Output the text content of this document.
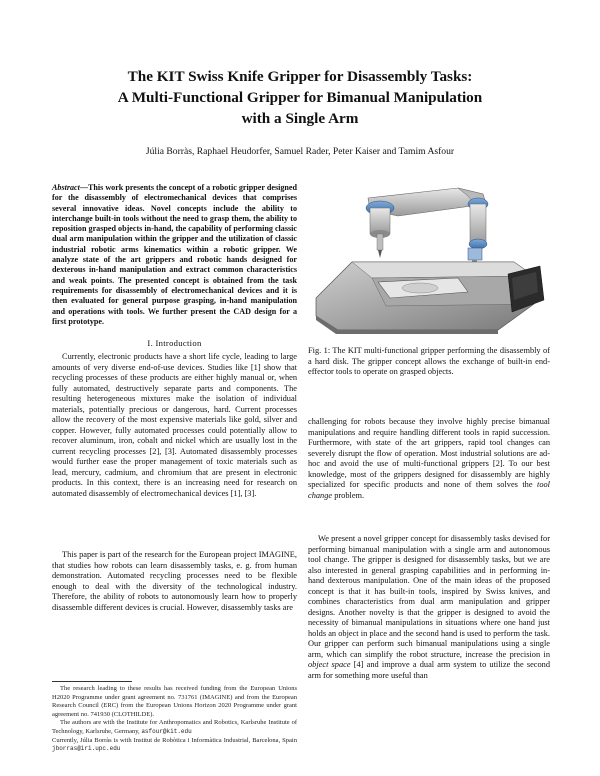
The KIT Swiss Knife Gripper for Disassembly Tasks:
A Multi-Functional Gripper for Bimanual Manipulation
with a Single Arm
Júlia Borràs, Raphael Heudorfer, Samuel Rader, Peter Kaiser and Tamim Asfour
Abstract—This work presents the concept of a robotic gripper designed for the disassembly of electromechanical devices that comprises several innovative ideas. Novel concepts include the ability to interchange built-in tools without the need to grasp them, the ability to reposition grasped objects in-hand, the capability of performing classic dual arm manipulation within the gripper and the utilization of classic industrial robotic arms kinematics within a robotic gripper. We analyze state of the art grippers and robotic hands designed for dexterous in-hand manipulation and extract common characteristics and weak points. The presented concept is obtained from the task requirements for disassembly of electromechanical devices and it is then evaluated for general purpose grasping, in-hand manipulation and operations with tools. We further present the CAD design for a first prototype.
I. Introduction

Currently, electronic products have a short life cycle, leading to large amounts of very diverse end-of-use devices. Studies like [1] show that recycling processes of these products are either highly manual or, when fully automated, destructively separate parts and components. The resulting heterogeneous mixtures make the isolation of individual materials, potentially precious or dangerous, hard. Current processes allow the recovery of the most expensive materials like gold, silver and copper. However, fully automated processes could potentially allow to recover aluminum, iron, cobalt and nickel which are usually lost in the current recycling processes [2], [3]. Automated disassembly processes would further ease the proper management of toxic materials such as lead, mercury, cadmium, and chromium that are present in electronic products. In this context, there is an increasing need for research on automated disassembly of electromechanical devices [1], [3].

This paper is part of the research for the European project IMAGINE, that studies how robots can learn disassembly tasks, e. g. from human demonstration. Automated recycling processes need to be flexible enough to deal with the diversity of the technological industry. Therefore, the ability of robots to autonomously learn how to properly disassemble different devices is crucial. However, disassembly tasks are

The research leading to these results has received funding from the European Unions H2020 Programme under grant agreement no. 731761 (IMAGINE) and from the European Research Council (ERC) from the European Unions Horizon 2020 Programme under grant agreement no. 741930 (CLOTHILDE).

The authors are with the Institute for Anthropomatics and Robotics, Karlsruhe Institute of Technology, Karlsruhe, Germany, asfour@kit.edu
Currently, Júlia Borràs is with Institut de Robòtica i Informàtica Industrial, Barcelona, Spain jborras@iri.upc.edu

Fig. 1: The KIT multi-functional gripper performing the disassembly of a hard disk. The gripper concept allows the exchange of built-in end-effector tools to operate on grasped objects.
challenging for robots because they involve highly precise bimanual manipulations and require handling different tools in rapid succession. Furthermore, with state of the art grippers, rapid tool changes can severely disrupt the flow of operation. Most industrial solutions are ad-hoc and avoid the use of multi-functional grippers [2]. To our best knowledge, most of the grippers designed for disassembly are highly specialized for specific products and none of them solves the tool change problem.

We present a novel gripper concept for disassembly tasks devised for performing bimanual manipulation with a single arm and autonomous tool change. The gripper is designed for disassembly tasks, but we are also interested in general grasping capabilities and in performing in-hand dexterous manipulation. One of the main ideas of the proposed concept is that it has built-in tools, inspired by Swiss knives, and combines characteristics from dual arm manipulation and gripper designs. Another novelty is that the gripper is designed to avoid the necessity of bimanual manipulations in situations where one hand just holds an object in place and the second hand is used to perform the task. Our gripper can perform such bimanual manipulations using a single arm, which can simplify the robot structure, increase the precision in object space [4] and improve a dual arm system to utilize the second arm for something more useful than
